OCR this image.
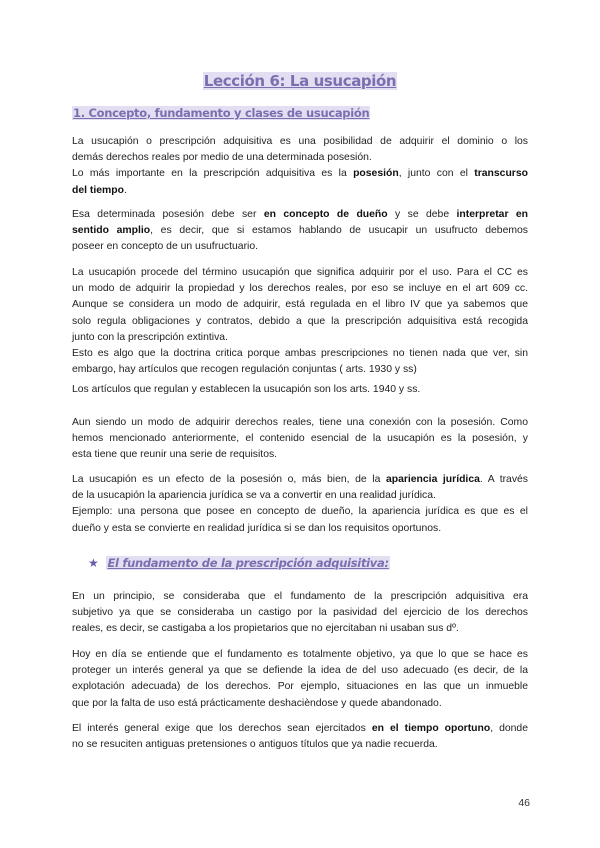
Lección 6: La usucapión
1. Concepto, fundamento y clases de usucapión
La usucapión o prescripción adquisitiva es una posibilidad de adquirir el dominio o los
demás derechos reales por medio de una determinada posesión.
Lo más importante en la prescripción adquisitiva es la posesión, junto con el transcurso
del tiempo.
Esa determinada posesión debe ser en concepto de dueño y se debe interpretar en
sentido amplio, es decir, que si estamos hablando de usucapir un usufructo debemos
poseer en concepto de un usufructuario.
La usucapión procede del término usucapión que significa adquirir por el uso. Para el CC es
un modo de adquirir la propiedad y los derechos reales, por eso se incluye en el art 609 cc.
Aunque se considera un modo de adquirir, está regulada en el libro IV que ya sabemos que
solo regula obligaciones y contratos, debido a que la prescripción adquisitiva está recogida
junto con la prescripción extintiva.
Esto es algo que la doctrina critica porque ambas prescripciones no tienen nada que ver, sin
embargo, hay artículos que recogen regulación conjuntas ( arts. 1930 y ss)
Los artículos que regulan y establecen la usucapión son los arts. 1940 y ss.
Aun siendo un modo de adquirir derechos reales, tiene una conexión con la posesión. Como
hemos mencionado anteriormente, el contenido esencial de la usucapión es la posesión, y
esta tiene que reunir una serie de requisitos.
La usucapión es un efecto de la posesión o, más bien, de la apariencia jurídica. A través
de la usucapión la apariencia jurídica se va a convertir en una realidad jurídica.
Ejemplo: una persona que posee en concepto de dueño, la apariencia jurídica es que es el
dueño y esta se convierte en realidad jurídica si se dan los requisitos oportunos.
★ El fundamento de la prescripción adquisitiva:
En un principio, se consideraba que el fundamento de la prescripción adquisitiva era
subjetivo ya que se consideraba un castigo por la pasividad del ejercicio de los derechos
reales, es decir, se castigaba a los propietarios que no ejercitaban ni usaban sus dº.
Hoy en día se entiende que el fundamento es totalmente objetivo, ya que lo que se hace es
proteger un interés general ya que se defiende la idea de del uso adecuado (es decir, de la
explotación adecuada) de los derechos. Por ejemplo, situaciones en las que un inmueble
que por la falta de uso está prácticamente deshacièndose y quede abandonado.
El interés general exige que los derechos sean ejercitados en el tiempo oportuno, donde
no se resuciten antiguas pretensiones o antiguos títulos que ya nadie recuerda.
46
